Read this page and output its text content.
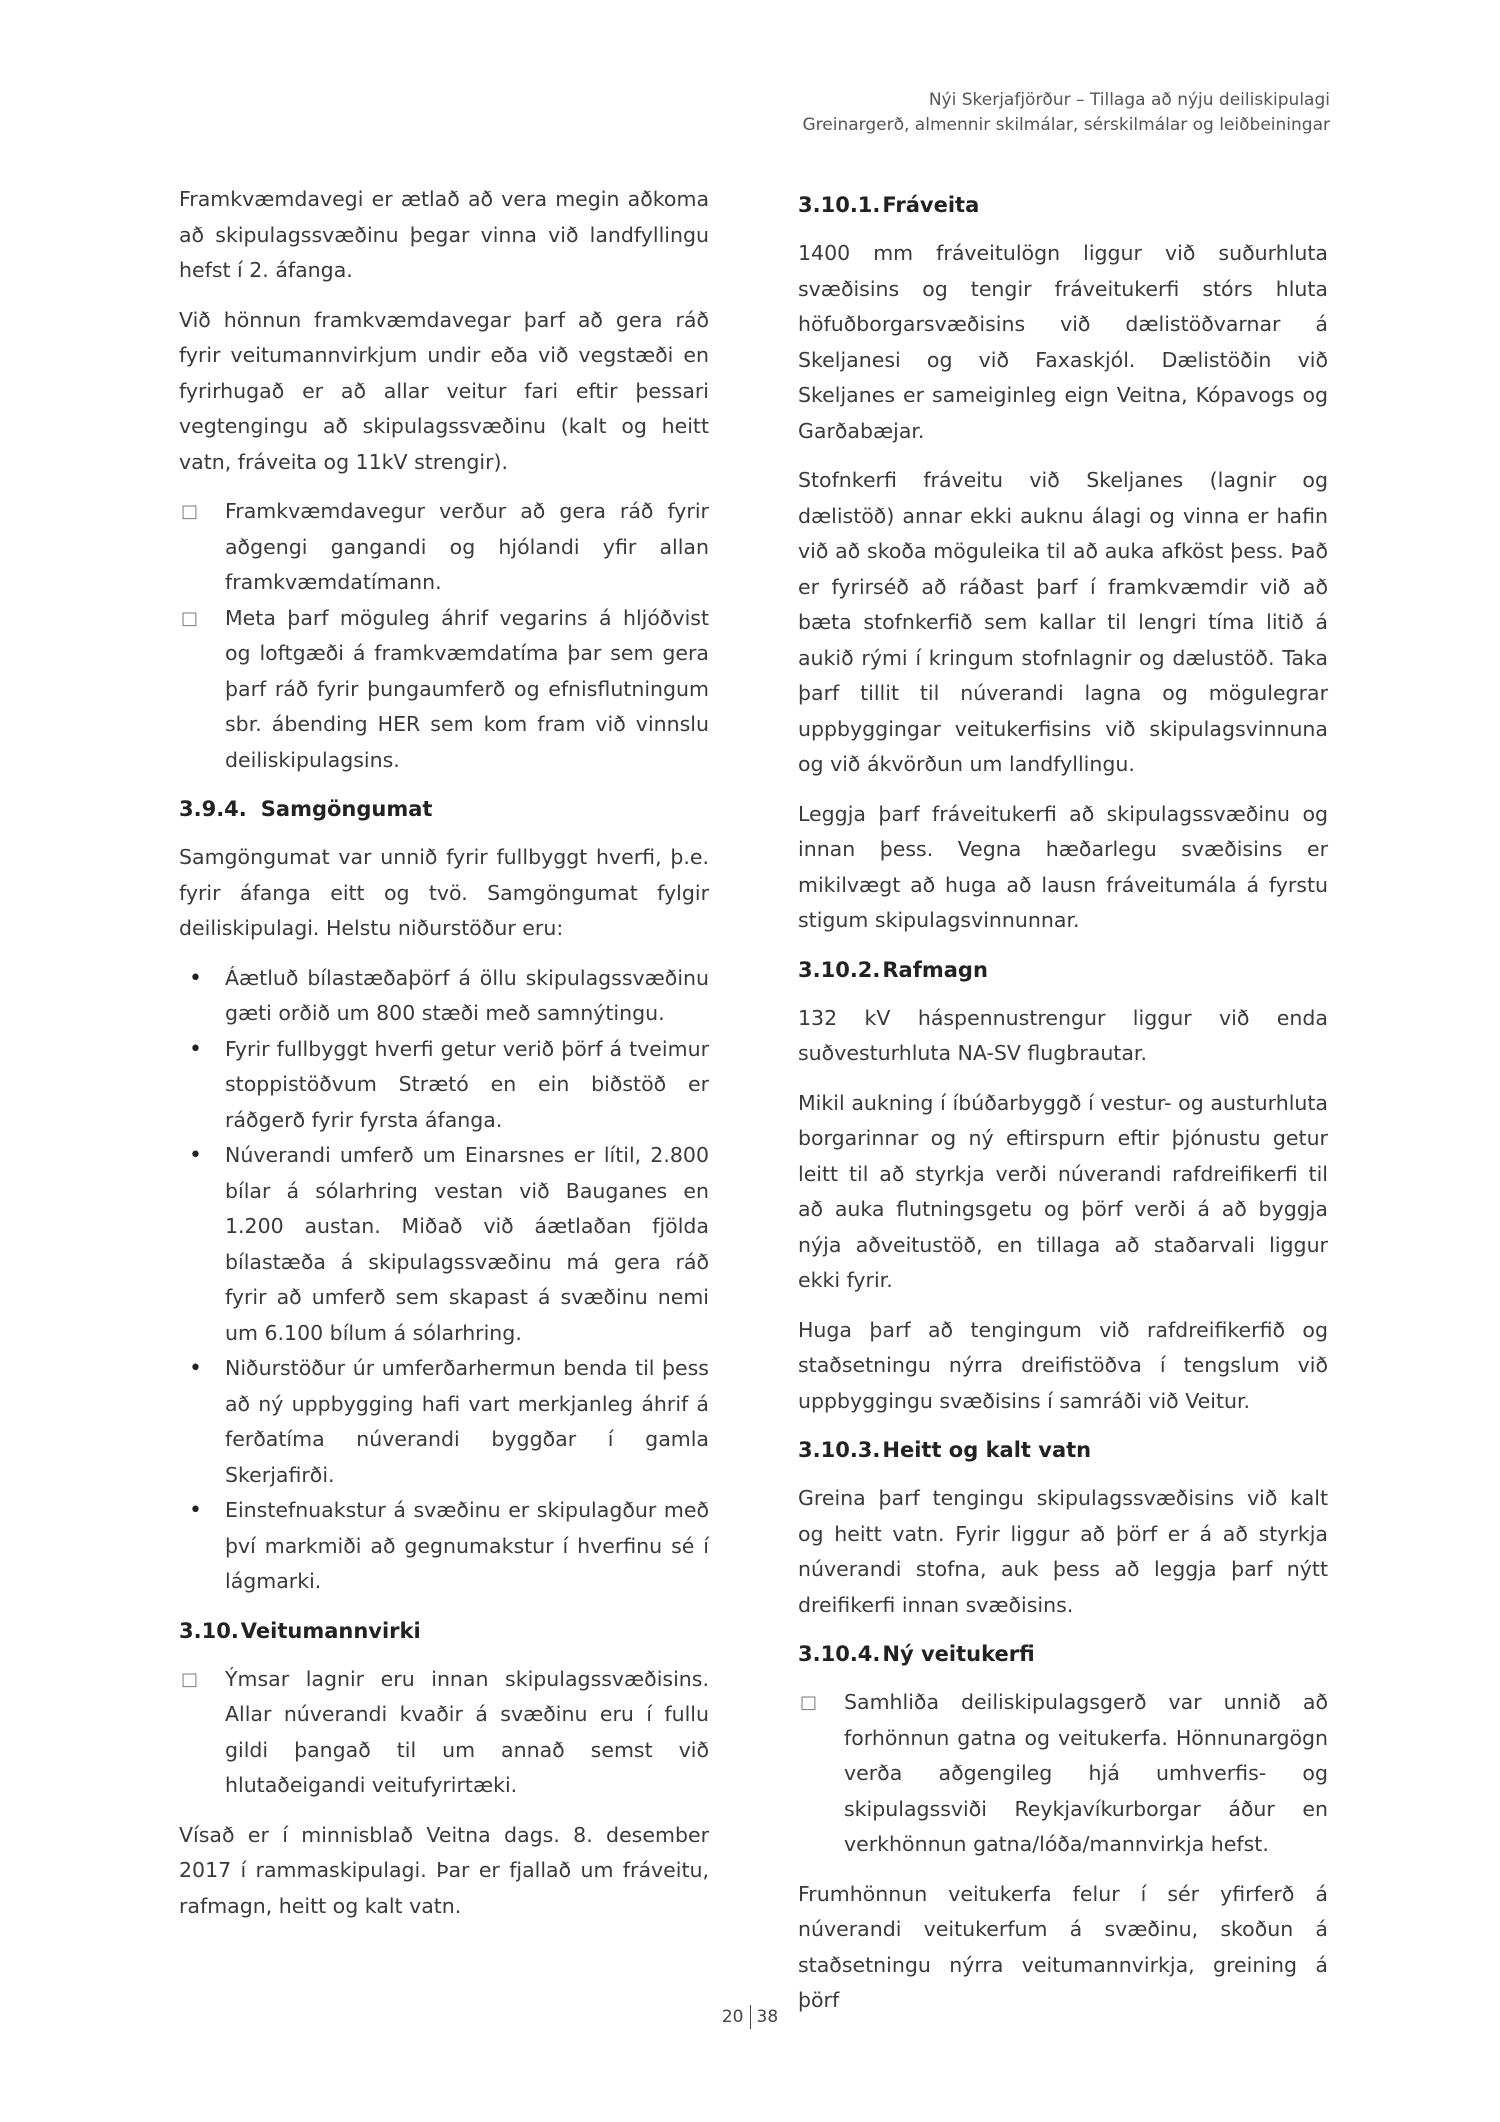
Nýi Skerjafjörður – Tillaga að nýju deiliskipulagi
Greinargerð, almennir skilmálar, sérskilmálar og leiðbeiningar

Framkvæmdavegi er ætlað að vera megin aðkoma að skipulagssvæðinu þegar vinna við landfyllingu hefst í 2. áfanga.

Við hönnun framkvæmdavegar þarf að gera ráð fyrir veitumannvirkjum undir eða við vegstæði en fyrirhugað er að allar veitur fari eftir þessari vegtengingu að skipulagssvæðinu (kalt og heitt vatn, fráveita og 11kV strengir).

□ Framkvæmdavegur verður að gera ráð fyrir aðgengi gangandi og hjólandi yfir allan framkvæmdatímann.
□ Meta þarf möguleg áhrif vegarins á hljóðvist og loftgæði á framkvæmdatíma þar sem gera þarf ráð fyrir þungaumferð og efnisflutningum sbr. ábending HER sem kom fram við vinnslu deiliskipulagsins.
3.9.4. Samgöngumat

Samgöngumat var unnið fyrir fullbyggt hverfi, þ.e. fyrir áfanga eitt og tvö. Samgöngumat fylgir deiliskipulagi. Helstu niðurstöður eru:

• Áætluð bílastæðaþörf á öllu skipulagssvæðinu gæti orðið um 800 stæði með samnýtingu.
• Fyrir fullbyggt hverfi getur verið þörf á tveimur stoppistöðvum Strætó en ein biðstöð er ráðgerð fyrir fyrsta áfanga.
• Núverandi umferð um Einarsnes er lítil, 2.800 bílar á sólarhring vestan við Bauganes en 1.200 austan. Miðað við áætlaðan fjölda bílastæða á skipulagssvæðinu má gera ráð fyrir að umferð sem skapast á svæðinu nemi um 6.100 bílum á sólarhring.
• Niðurstöður úr umferðarhermun benda til þess að ný uppbygging hafi vart merkjanleg áhrif á ferðatíma núverandi byggðar í gamla Skerjafirði.
• Einstefnuakstur á svæðinu er skipulagður með því markmiði að gegnumakstur í hverfinu sé í lágmarki.
3.10.Veitumannvirki
□ Ýmsar lagnir eru innan skipulagssvæðisins. Allar núverandi kvaðir á svæðinu eru í fullu gildi þangað til um annað semst við hlutaðeigandi veitufyrirtæki.

Vísað er í minnisblað Veitna dags. 8. desember 2017 í rammaskipulagi. Þar er fjallað um fráveitu, rafmagn, heitt og kalt vatn.

3.10.1.Fráveita

1400 mm fráveitulögn liggur við suðurhluta svæðisins og tengir fráveitukerfi stórs hluta höfuðborgarsvæðisins við dælistöðvarnar á Skeljanesi og við Faxaskjól. Dælistöðin við Skeljanes er sameiginleg eign Veitna, Kópavogs og Garðabæjar.

Stofnkerfi fráveitu við Skeljanes (lagnir og dælistöð) annar ekki auknu álagi og vinna er hafin við að skoða möguleika til að auka afköst þess. Það er fyrirséð að ráðast þarf í framkvæmdir við að bæta stofnkerfið sem kallar til lengri tíma litið á aukið rými í kringum stofnlagnir og dælustöð. Taka þarf tillit til núverandi lagna og mögulegrar uppbyggingar veitukerfisins við skipulagsvinnuna og við ákvörðun um landfyllingu.

Leggja þarf fráveitukerfi að skipulagssvæðinu og innan þess. Vegna hæðarlegu svæðisins er mikilvægt að huga að lausn fráveitumála á fyrstu stigum skipulagsvinnunnar.

3.10.2.Rafmagn

132 kV háspennustrengur liggur við enda suðvesturhluta NA-SV flugbrautar.

Mikil aukning í íbúðarbyggð í vestur- og austurhluta borgarinnar og ný eftirspurn eftir þjónustu getur leitt til að styrkja verði núverandi rafdreifikerfi til að auka flutningsgetu og þörf verði á að byggja nýja aðveitustöð, en tillaga að staðarvali liggur ekki fyrir.

Huga þarf að tengingum við rafdreifikerfið og staðsetningu nýrra dreifistöðva í tengslum við uppbyggingu svæðisins í samráði við Veitur.

3.10.3.Heitt og kalt vatn

Greina þarf tengingu skipulagssvæðisins við kalt og heitt vatn. Fyrir liggur að þörf er á að styrkja núverandi stofna, auk þess að leggja þarf nýtt dreifikerfi innan svæðisins.

3.10.4.Ný veitukerfi
□ Samhliða deiliskipulagsgerð var unnið að forhönnun gatna og veitukerfa. Hönnunargögn verða aðgengileg hjá umhverfis- og skipulagssviði Reykjavíkurborgar áður en verkhönnun gatna/lóða/mannvirkja hefst.

Frumhönnun veitukerfa felur í sér yfirferð á núverandi veitukerfum á svæðinu, skoðun á staðsetningu nýrra veitumannvirkja, greining á þörf

20 38
